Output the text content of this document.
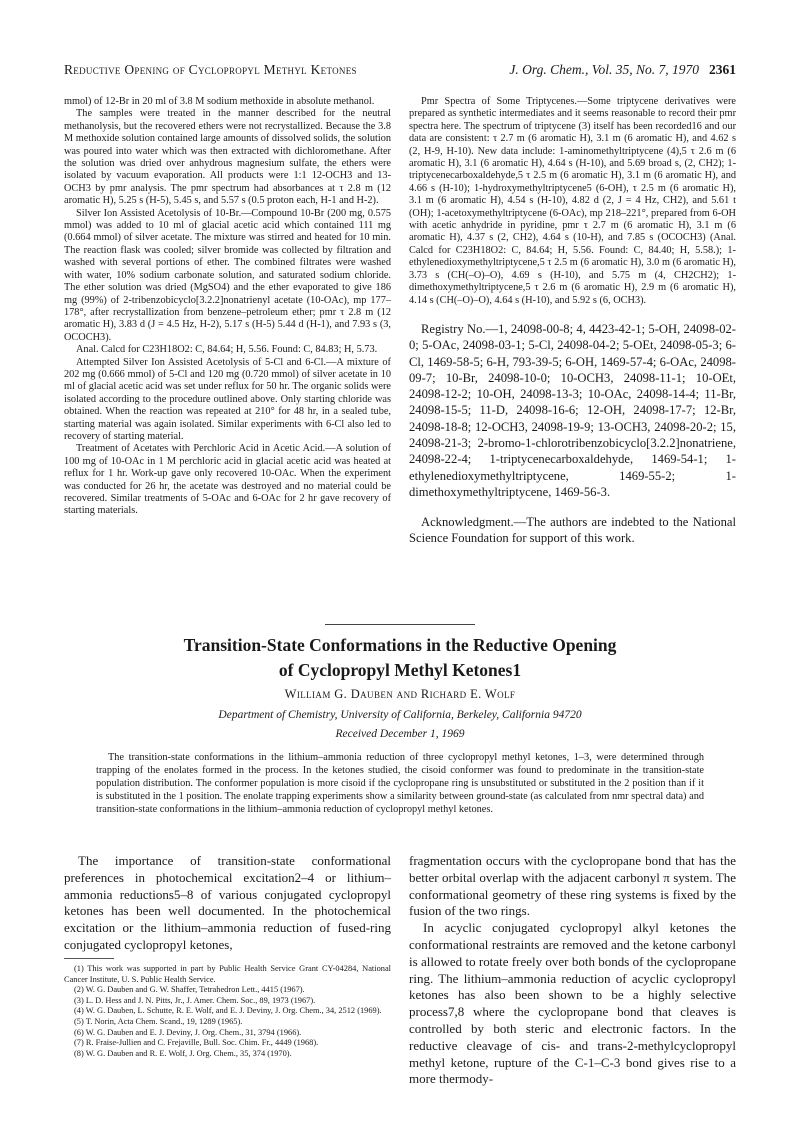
Reductive Opening of Cyclopropyl Methyl Ketones	J. Org. Chem., Vol. 35, No. 7, 1970 2361

mmol) of 12-Br in 20 ml of 3.8 M sodium methoxide in absolute methanol.

The samples were treated in the manner described for the neutral methanolysis, but the recovered ethers were not recrystallized. Because the 3.8 M methoxide solution contained large amounts of dissolved solids, the solution was poured into water which was then extracted with dichloromethane. After the solution was dried over anhydrous magnesium sulfate, the ethers were isolated by vacuum evaporation. All products were 1:1 12-OCH3 and 13-OCH3 by pmr analysis. The pmr spectrum had absorbances at τ 2.8 m (12 aromatic H), 5.25 s (H-5), 5.45 s, and 5.57 s (0.5 proton each, H-1 and H-2).

Silver Ion Assisted Acetolysis of 10-Br.—Compound 10-Br (200 mg, 0.575 mmol) was added to 10 ml of glacial acetic acid which contained 111 mg (0.664 mmol) of silver acetate. The mixture was stirred and heated for 10 min. The reaction flask was cooled; silver bromide was collected by filtration and washed with several portions of ether. The combined filtrates were washed with water, 10% sodium carbonate solution, and saturated sodium chloride. The ether solution was dried (MgSO4) and the ether evaporated to give 186 mg (99%) of 2-tribenzobicyclo[3.2.2]nonatrienyl acetate (10-OAc), mp 177–178°, after recrystallization from benzene–petroleum ether; pmr τ 2.8 m (12 aromatic H), 3.83 d (J = 4.5 Hz, H-2), 5.17 s (H-5) 5.44 d (H-1), and 7.93 s (3, OCOCH3).

Anal. Calcd for C23H18O2: C, 84.64; H, 5.56. Found: C, 84.83; H, 5.73.

Attempted Silver Ion Assisted Acetolysis of 5-Cl and 6-Cl.—A mixture of 202 mg (0.666 mmol) of 5-Cl and 120 mg (0.720 mmol) of silver acetate in 10 ml of glacial acetic acid was set under reflux for 50 hr. The organic solids were isolated according to the procedure outlined above. Only starting chloride was obtained. When the reaction was repeated at 210° for 48 hr, in a sealed tube, starting material was again isolated. Similar experiments with 6-Cl also led to recovery of starting material.

Treatment of Acetates with Perchloric Acid in Acetic Acid.—A solution of 100 mg of 10-OAc in 1 M perchloric acid in glacial acetic acid was heated at reflux for 1 hr. Work-up gave only recovered 10-OAc. When the experiment was conducted for 26 hr, the acetate was destroyed and no material could be recovered. Similar treatments of 5-OAc and 6-OAc for 2 hr gave recovery of starting materials.

Pmr Spectra of Some Triptycenes.—Some triptycene derivatives were prepared as synthetic intermediates and it seems reasonable to record their pmr spectra here. The spectrum of triptycene (3) itself has been recorded16 and our data are consistent: τ 2.7 m (6 aromatic H), 3.1 m (6 aromatic H), and 4.62 s (2, H-9, H-10). New data include: 1-aminomethyltriptycene (4),5 τ 2.6 m (6 aromatic H), 3.1 (6 aromatic H), 4.64 s (H-10), and 5.69 broad s, (2, CH2); 1-triptycenecarboxaldehyde,5 τ 2.5 m (6 aromatic H), 3.1 m (6 aromatic H), and 4.66 s (H-10); 1-hydroxymethyltriptycene5 (6-OH), τ 2.5 m (6 aromatic H), 3.1 m (6 aromatic H), 4.54 s (H-10), 4.82 d (2, J = 4 Hz, CH2), and 5.61 t (OH); 1-acetoxymethyltriptycene (6-OAc), mp 218–221°, prepared from 6-OH with acetic anhydride in pyridine, pmr τ 2.7 m (6 aromatic H), 3.1 m (6 aromatic H), 4.37 s (2, CH2), 4.64 s (10-H), and 7.85 s (OCOCH3) (Anal. Calcd for C23H18O2: C, 84.64; H, 5.56. Found: C, 84.40; H, 5.58.); 1-ethylenedioxymethyltriptycene,5 τ 2.5 m (6 aromatic H), 3.0 m (6 aromatic H), 3.73 s (CH(–O)–O), 4.69 s (H-10), and 5.75 m (4, CH2CH2); 1-dimethoxymethyltriptycene,5 τ 2.6 m (6 aromatic H), 2.9 m (6 aromatic H), 4.14 s (CH(–O)–O), 4.64 s (H-10), and 5.92 s (6, OCH3).

Registry No.—1, 24098-00-8; 4, 4423-42-1; 5-OH, 24098-02-0; 5-OAc, 24098-03-1; 5-Cl, 24098-04-2; 5-OEt, 24098-05-3; 6-Cl, 1469-58-5; 6-H, 793-39-5; 6-OH, 1469-57-4; 6-OAc, 24098-09-7; 10-Br, 24098-10-0; 10-OCH3, 24098-11-1; 10-OEt, 24098-12-2; 10-OH, 24098-13-3; 10-OAc, 24098-14-4; 11-Br, 24098-15-5; 11-D, 24098-16-6; 12-OH, 24098-17-7; 12-Br, 24098-18-8; 12-OCH3, 24098-19-9; 13-OCH3, 24098-20-2; 15, 24098-21-3; 2-bromo-1-chlorotribenzobicyclo[3.2.2]nonatriene, 24098-22-4; 1-triptycenecarboxaldehyde, 1469-54-1; 1-ethylenedioxymethyltriptycene, 1469-55-2; 1-dimethoxymethyltriptycene, 1469-56-3.

Acknowledgment.—The authors are indebted to the National Science Foundation for support of this work.

Transition-State Conformations in the Reductive Opening
of Cyclopropyl Methyl Ketones1
William G. Dauben and Richard E. Wolf
Department of Chemistry, University of California, Berkeley, California 94720
Received December 1, 1969

The transition-state conformations in the lithium–ammonia reduction of three cyclopropyl methyl ketones, 1–3, were determined through trapping of the enolates formed in the process. In the ketones studied, the cisoid conformer was found to predominate in the transition-state population distribution. The conformer population is more cisoid if the cyclopropane ring is unsubstituted or substituted in the 2 position than if it is substituted in the 1 position. The enolate trapping experiments show a similarity between ground-state (as calculated from nmr spectral data) and transition-state conformations in the lithium–ammonia reduction of cyclopropyl methyl ketones.

The importance of transition-state conformational preferences in photochemical excitation2–4 or lithium–ammonia reductions5–8 of various conjugated cyclopropyl ketones has been well documented. In the photochemical excitation or the lithium–ammonia reduction of fused-ring conjugated cyclopropyl ketones,

fragmentation occurs with the cyclopropane bond that has the better orbital overlap with the adjacent carbonyl π system. The conformational geometry of these ring systems is fixed by the fusion of the two rings.

In acyclic conjugated cyclopropyl alkyl ketones the conformational restraints are removed and the ketone carbonyl is allowed to rotate freely over both bonds of the cyclopropane ring. The lithium–ammonia reduction of acyclic cyclopropyl ketones has also been shown to be a highly selective process7,8 where the cyclopropane bond that cleaves is controlled by both steric and electronic factors. In the reductive cleavage of cis- and trans-2-methylcyclopropyl methyl ketone, rupture of the C-1–C-3 bond gives rise to a more thermody-

(1) This work was supported in part by Public Health Service Grant CY-04284, National Cancer Institute, U. S. Public Health Service.
(2) W. G. Dauben and G. W. Shaffer, Tetrahedron Lett., 4415 (1967).
(3) L. D. Hess and J. N. Pitts, Jr., J. Amer. Chem. Soc., 89, 1973 (1967).
(4) W. G. Dauben, L. Schutte, R. E. Wolf, and E. J. Deviny, J. Org. Chem., 34, 2512 (1969).
(5) T. Norin, Acta Chem. Scand., 19, 1289 (1965).
(6) W. G. Dauben and E. J. Deviny, J. Org. Chem., 31, 3794 (1966).
(7) R. Fraise-Jullien and C. Frejaville, Bull. Soc. Chim. Fr., 4449 (1968).
(8) W. G. Dauben and R. E. Wolf, J. Org. Chem., 35, 374 (1970).
